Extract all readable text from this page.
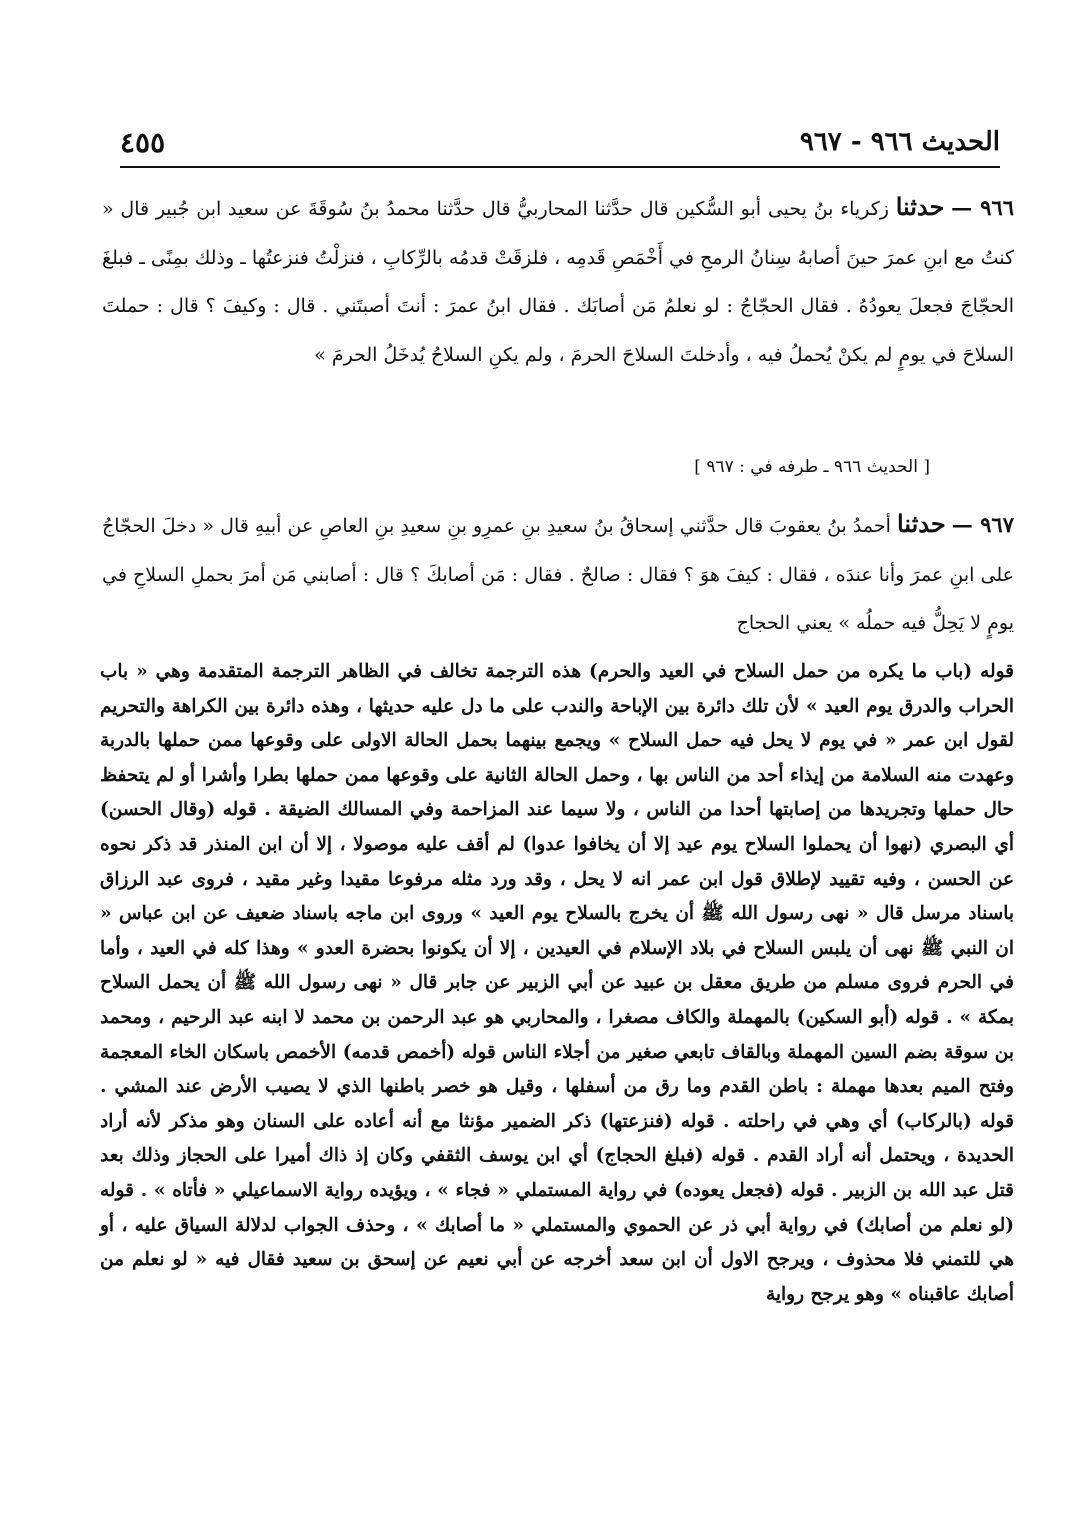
٤٥٥	الحديث ٩٦٦ - ٩٦٧
٩٦٦ — حدثنا زكرياء بنُ يحيى أبو السُّكين قال حدَّثنا المحاربيُّ قال حدَّثنا محمدُ بنُ سُوقَةَ عن سعيد ابن جُبير قال « كنتُ مع ابنِ عمرَ حينَ أصابهُ سِنانُ الرمحِ في أَخْمَصِ قَدمِه ، فلزقَتْ قدمُه بالرِّكابِ ، فنزلْتُ فنزعتُها ـ وذلك بمِنًى ـ فبلغَ الحجّاجَ فجعلَ يعودُهُ . فقال الحجّاجُ : لو نعلمُ مَن أصابَك . فقال ابنُ عمرَ : أنتَ أصبتَني . قال : وكيفَ ؟ قال : حملتَ السلاحَ في يومٍ لم يكنْ يُحملُ فيه ، وأدخلتَ السلاحَ الحرمَ ، ولم يكنِ السلاحُ يُدخَلُ الحرمَ »
[ الحديث ٩٦٦ ـ طرفه في : ٩٦٧ ]
٩٦٧ — حدثنا أحمدُ بنُ يعقوبَ قال حدَّثني إسحاقُ بنُ سعيدِ بنِ عمرِو بنِ سعيدِ بنِ العاصِ عن أبيهِ قال « دخلَ الحجّاجُ على ابنِ عمرَ وأنا عندَه ، فقال : كيفَ هوَ ؟ فقال : صالحٌ . فقال : مَن أصابكَ ؟ قال : أصابني مَن أمرَ بحملِ السلاحِ في يومٍ لا يَحِلُّ فيه حملُه » يعني الحجاج
قوله (باب ما يكره من حمل السلاح في العيد والحرم) هذه الترجمة تخالف في الظاهر الترجمة المتقدمة وهي « باب الحراب والدرق يوم العيد » لأن تلك دائرة بين الإباحة والندب على ما دل عليه حديثها ، وهذه دائرة بين الكراهة والتحريم لقول ابن عمر « في يوم لا يحل فيه حمل السلاح » ويجمع بينهما بحمل الحالة الاولى على وقوعها ممن حملها بالدربة وعهدت منه السلامة من إيذاء أحد من الناس بها ، وحمل الحالة الثانية على وقوعها ممن حملها بطرا وأشرا أو لم يتحفظ حال حملها وتجريدها من إصابتها أحدا من الناس ، ولا سيما عند المزاحمة وفي المسالك الضيقة . قوله (وقال الحسن) أي البصري (نهوا أن يحملوا السلاح يوم عيد إلا أن يخافوا عدوا) لم أقف عليه موصولا ، إلا أن ابن المنذر قد ذكر نحوه عن الحسن ، وفيه تقييد لإطلاق قول ابن عمر انه لا يحل ، وقد ورد مثله مرفوعا مقيدا وغير مقيد ، فروى عبد الرزاق باسناد مرسل قال « نهى رسول الله ﷺ أن يخرج بالسلاح يوم العيد » وروى ابن ماجه باسناد ضعيف عن ابن عباس « ان النبي ﷺ نهى أن يلبس السلاح في بلاد الإسلام في العيدين ، إلا أن يكونوا بحضرة العدو » وهذا كله في العيد ، وأما في الحرم فروى مسلم من طريق معقل بن عبيد عن أبي الزبير عن جابر قال « نهى رسول الله ﷺ أن يحمل السلاح بمكة » . قوله (أبو السكين) بالمهملة والكاف مصغرا ، والمحاربي هو عبد الرحمن بن محمد لا ابنه عبد الرحيم ، ومحمد بن سوقة بضم السين المهملة وبالقاف تابعي صغير من أجلاء الناس قوله (أخمص قدمه) الأخمص باسكان الخاء المعجمة وفتح الميم بعدها مهملة : باطن القدم وما رق من أسفلها ، وقيل هو خصر باطنها الذي لا يصيب الأرض عند المشي . قوله (بالركاب) أي وهي في راحلته . قوله (فنزعتها) ذكر الضمير مؤنثا مع أنه أعاده على السنان وهو مذكر لأنه أراد الحديدة ، ويحتمل أنه أراد القدم . قوله (فبلغ الحجاج) أي ابن يوسف الثقفي وكان إذ ذاك أميرا على الحجاز وذلك بعد قتل عبد الله بن الزبير . قوله (فجعل يعوده) في رواية المستملي « فجاء » ، ويؤيده رواية الاسماعيلي « فأتاه » . قوله (لو نعلم من أصابك) في رواية أبي ذر عن الحموي والمستملي « ما أصابك » ، وحذف الجواب لدلالة السياق عليه ، أو هي للتمني فلا محذوف ، ويرجح الاول أن ابن سعد أخرجه عن أبي نعيم عن إسحق بن سعيد فقال فيه « لو نعلم من أصابك عاقبناه » وهو يرجح رواية
